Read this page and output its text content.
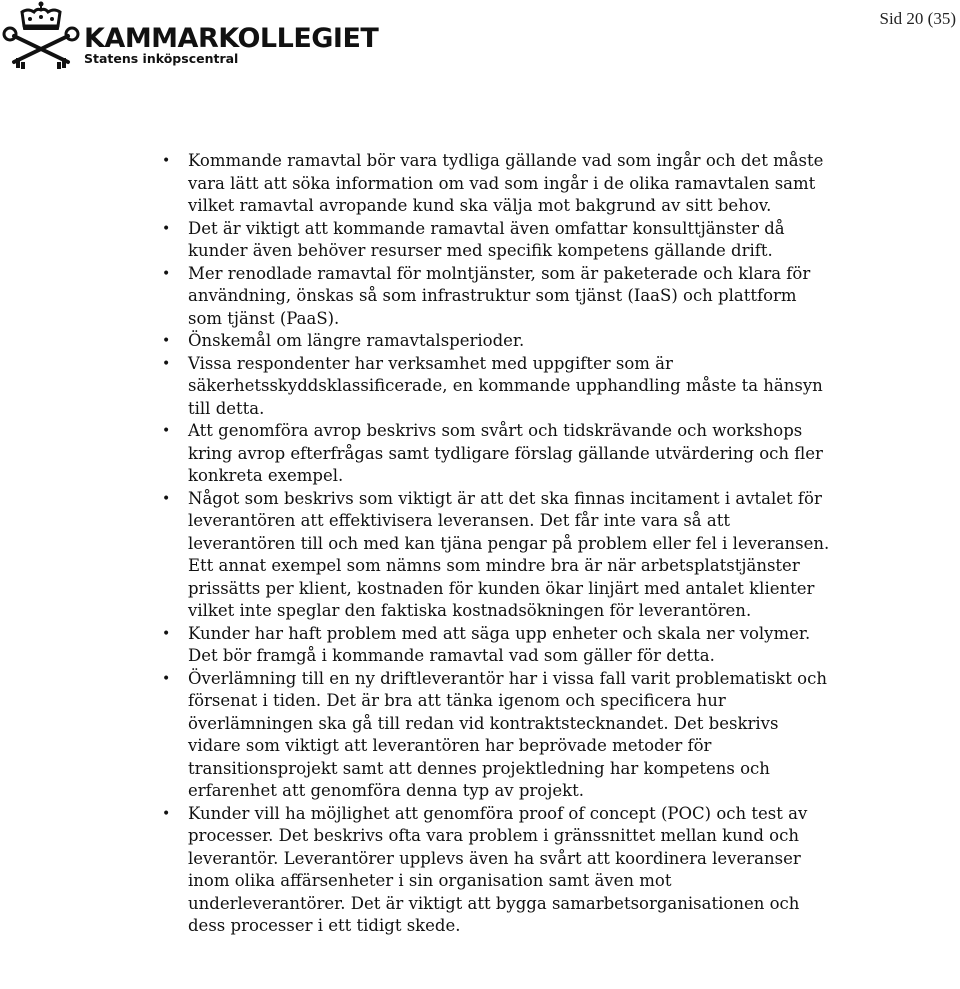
KAMMARKOLLEGIET
Statens inköpscentral
Sid 20 (35)
• Kommande ramavtal bör vara tydliga gällande vad som ingår och det måste vara lätt att söka information om vad som ingår i de olika ramavtalen samt vilket ramavtal avropande kund ska välja mot bakgrund av sitt behov.
• Det är viktigt att kommande ramavtal även omfattar konsulttjänster då kunder även behöver resurser med specifik kompetens gällande drift.
• Mer renodlade ramavtal för molntjänster, som är paketerade och klara för användning, önskas så som infrastruktur som tjänst (IaaS) och plattform som tjänst (PaaS).
• Önskemål om längre ramavtalsperioder.
• Vissa respondenter har verksamhet med uppgifter som är säkerhetsskyddsklassificerade, en kommande upphandling måste ta hänsyn till detta.
• Att genomföra avrop beskrivs som svårt och tidskrävande och workshops kring avrop efterfrågas samt tydligare förslag gällande utvärdering och fler konkreta exempel.
• Något som beskrivs som viktigt är att det ska finnas incitament i avtalet för leverantören att effektivisera leveransen. Det får inte vara så att leverantören till och med kan tjäna pengar på problem eller fel i leveransen. Ett annat exempel som nämns som mindre bra är när arbetsplatstjänster prissätts per klient, kostnaden för kunden ökar linjärt med antalet klienter vilket inte speglar den faktiska kostnadsökningen för leverantören.
• Kunder har haft problem med att säga upp enheter och skala ner volymer. Det bör framgå i kommande ramavtal vad som gäller för detta.
• Överlämning till en ny driftleverantör har i vissa fall varit problematiskt och försenat i tiden. Det är bra att tänka igenom och specificera hur överlämningen ska gå till redan vid kontraktstecknandet. Det beskrivs vidare som viktigt att leverantören har beprövade metoder för transitionsprojekt samt att dennes projektledning har kompetens och erfarenhet att genomföra denna typ av projekt.
• Kunder vill ha möjlighet att genomföra proof of concept (POC) och test av processer. Det beskrivs ofta vara problem i gränssnittet mellan kund och leverantör. Leverantörer upplevs även ha svårt att koordinera leveranser inom olika affärsenheter i sin organisation samt även mot underleverantörer. Det är viktigt att bygga samarbetsorganisationen och dess processer i ett tidigt skede.
